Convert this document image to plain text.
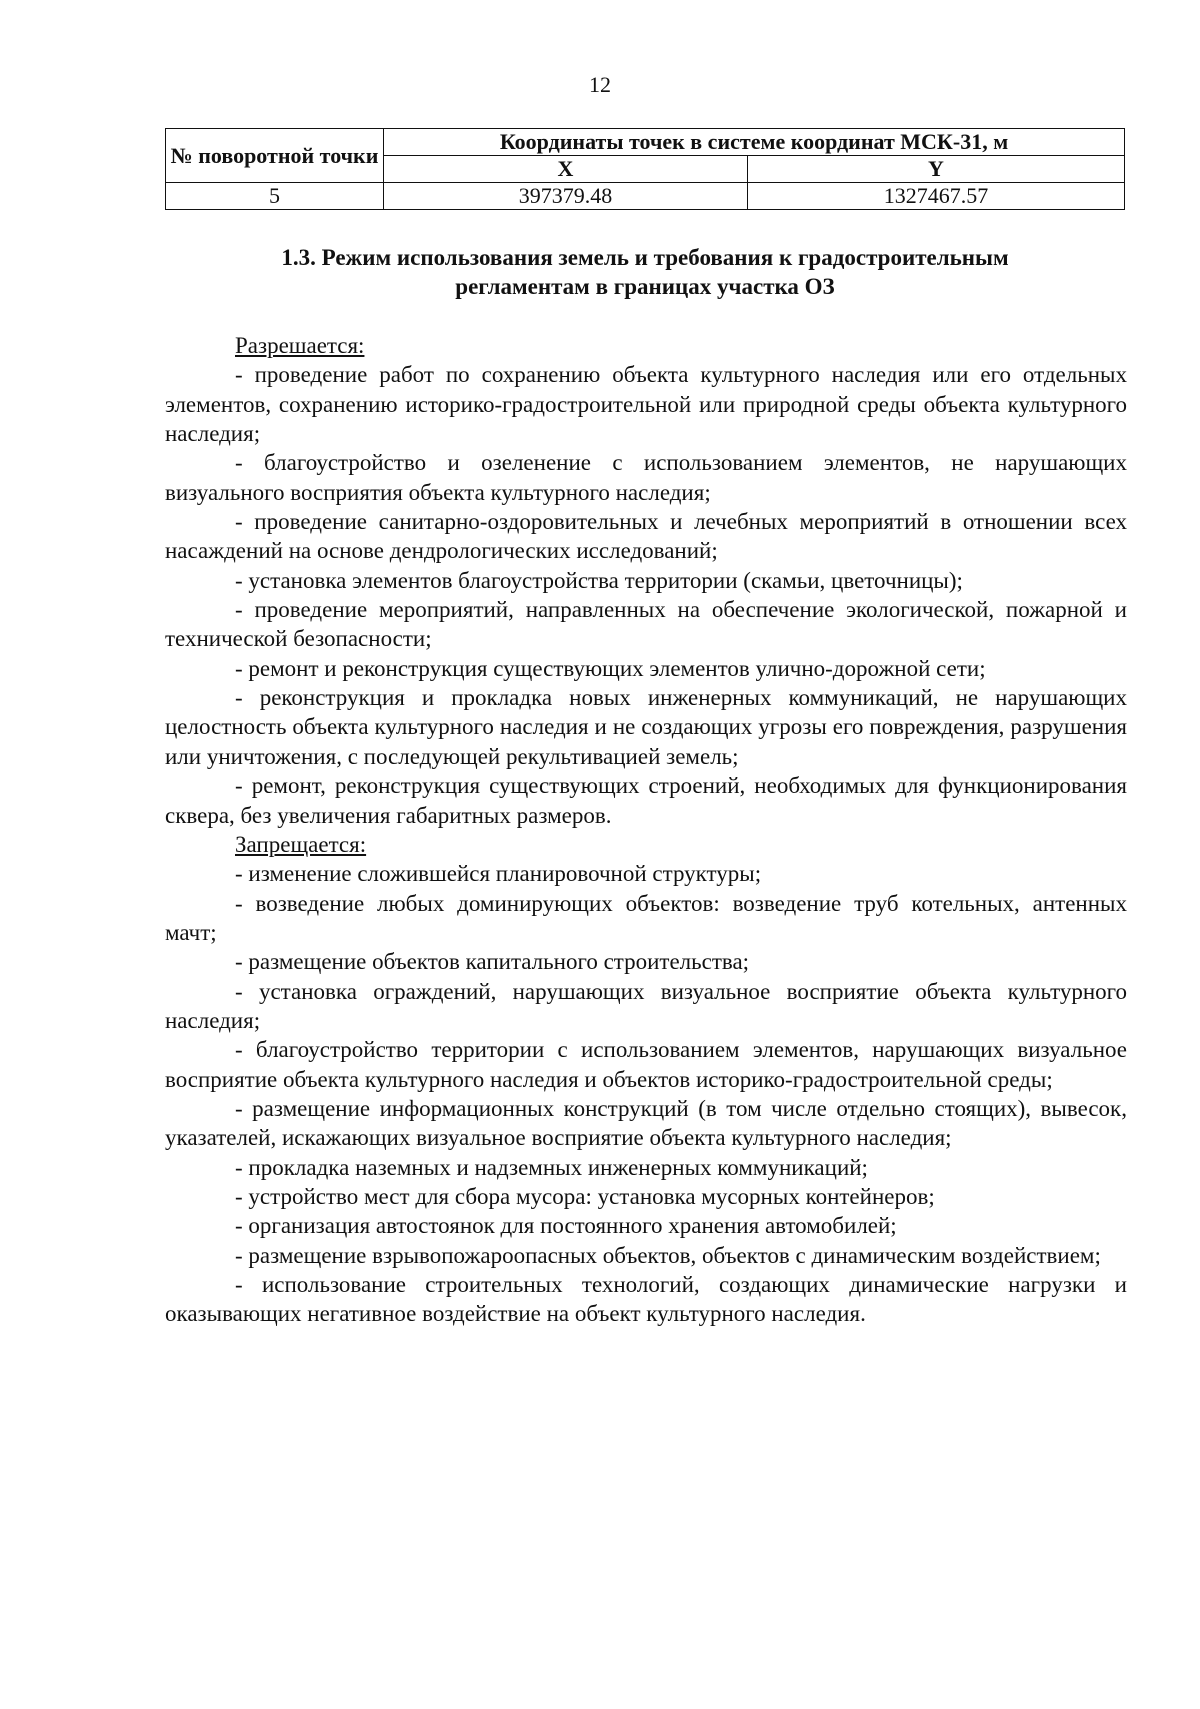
12
№ поворотной точки	Координаты точек в системе координат МСК-31, м	
	X	Y
5	397379.48	1327467.57
1.3. Режим использования земель и требования к градостроительным
регламентам в границах участка ОЗ

Разрешается:

- проведение работ по сохранению объекта культурного наследия или его отдельных элементов, сохранению историко-градостроительной или природной среды объекта культурного наследия;

- благоустройство и озеленение с использованием элементов, не нарушающих визуального восприятия объекта культурного наследия;

- проведение санитарно-оздоровительных и лечебных мероприятий в отношении всех насаждений на основе дендрологических исследований;

- установка элементов благоустройства территории (скамьи, цветочницы);

- проведение мероприятий, направленных на обеспечение экологической, пожарной и технической безопасности;

- ремонт и реконструкция существующих элементов улично-дорожной сети;

- реконструкция и прокладка новых инженерных коммуникаций, не нарушающих целостность объекта культурного наследия и не создающих угрозы его повреждения, разрушения или уничтожения, с последующей рекультивацией земель;

- ремонт, реконструкция существующих строений, необходимых для функционирования сквера, без увеличения габаритных размеров.

Запрещается:

- изменение сложившейся планировочной структуры;

- возведение любых доминирующих объектов: возведение труб котельных, антенных мачт;

- размещение объектов капитального строительства;

- установка ограждений, нарушающих визуальное восприятие объекта культурного наследия;

- благоустройство территории с использованием элементов, нарушающих визуальное восприятие объекта культурного наследия и объектов историко-градостроительной среды;

- размещение информационных конструкций (в том числе отдельно стоящих), вывесок, указателей, искажающих визуальное восприятие объекта культурного наследия;

- прокладка наземных и надземных инженерных коммуникаций;

- устройство мест для сбора мусора: установка мусорных контейнеров;

- организация автостоянок для постоянного хранения автомобилей;

- размещение взрывопожароопасных объектов, объектов с динамическим воздействием;

- использование строительных технологий, создающих динамические нагрузки и оказывающих негативное воздействие на объект культурного наследия.
